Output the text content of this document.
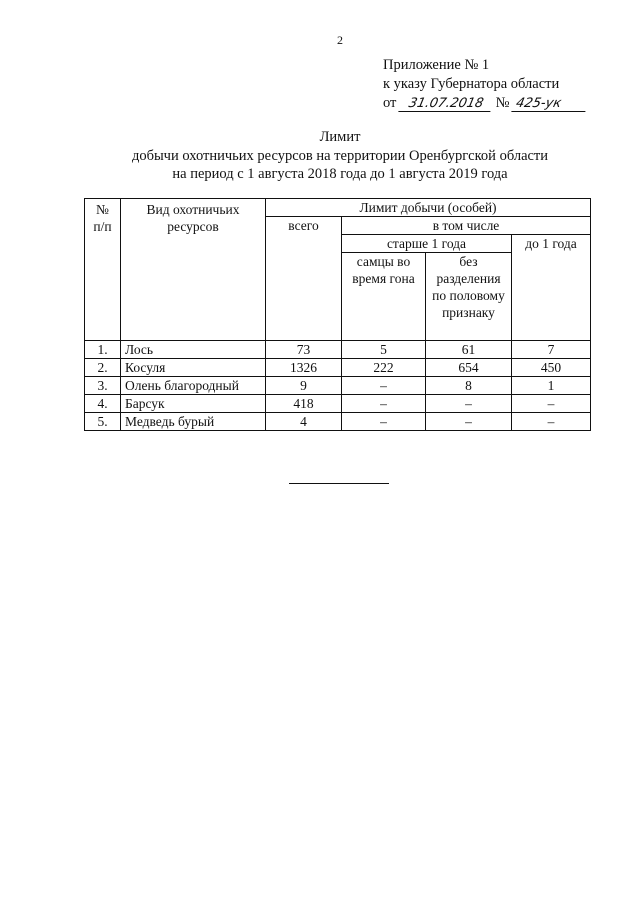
2
Приложение № 1
к указу Губернатора области
от 31.07.2018 № 425-ук
Лимит
добычи охотничьих ресурсов на территории Оренбургской области
на период с 1 августа 2018 года до 1 августа 2019 года
№ п/п	Вид охотничьих ресурсов	Лимит добычи (особей)			
		всего	в том числе		
			старше 1 года		до 1 года
			самцы во время гона	без разделения по половому признаку	
1.	Лось	73	5	61	7
2.	Косуля	1326	222	654	450
3.	Олень благородный	9	–	8	1
4.	Барсук	418	–	–	–
5.	Медведь бурый	4	–	–	–
